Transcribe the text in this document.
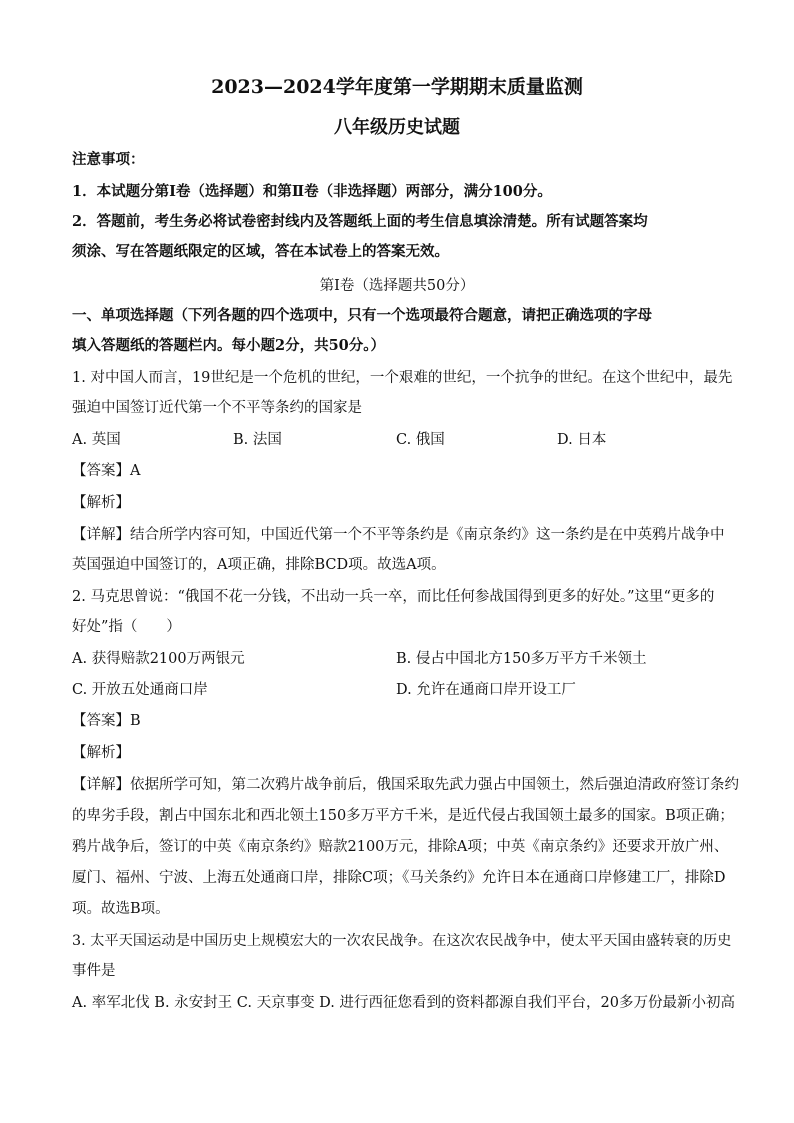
2023—2024学年度第一学期期末质量监测
八年级历史试题
注意事项：
1．本试题分第Ⅰ卷（选择题）和第Ⅱ卷（非选择题）两部分，满分100分。
2．答题前，考生务必将试卷密封线内及答题纸上面的考生信息填涂清楚。所有试题答案均
须涂、写在答题纸限定的区域，答在本试卷上的答案无效。
第Ⅰ卷（选择题共50分）
一、单项选择题（下列各题的四个选项中，只有一个选项最符合题意，请把正确选项的字母
填入答题纸的答题栏内。每小题2分，共50分。）
1. 对中国人而言，19世纪是一个危机的世纪，一个艰难的世纪，一个抗争的世纪。在这个世纪中，最先
强迫中国签订近代第一个不平等条约的国家是
A. 英国	B. 法国	C. 俄国	D. 日本
【答案】A
【解析】
【详解】结合所学内容可知，中国近代第一个不平等条约是《南京条约》这一条约是在中英鸦片战争中
英国强迫中国签订的，A项正确，排除BCD项。故选A项。
2. 马克思曾说：“俄国不花一分钱，不出动一兵一卒，而比任何参战国得到更多的好处。”这里“更多的
好处”指（　　）
A. 获得赔款2100万两银元	B. 侵占中国北方150多万平方千米领土
C. 开放五处通商口岸	D. 允许在通商口岸开设工厂
【答案】B
【解析】
【详解】依据所学可知，第二次鸦片战争前后，俄国采取先武力强占中国领土，然后强迫清政府签订条约
的卑劣手段，割占中国东北和西北领土150多万平方千米，是近代侵占我国领土最多的国家。B项正确；
鸦片战争后，签订的中英《南京条约》赔款2100万元，排除A项；中英《南京条约》还要求开放广州、
厦门、福州、宁波、上海五处通商口岸，排除C项；《马关条约》允许日本在通商口岸修建工厂，排除D
项。故选B项。
3. 太平天国运动是中国历史上规模宏大的一次农民战争。在这次农民战争中，使太平天国由盛转衰的历史
事件是
A. 率军北伐 B. 永安封王 C. 天京事变 D. 进行西征您看到的资料都源自我们平台，20多万份最新小初高
